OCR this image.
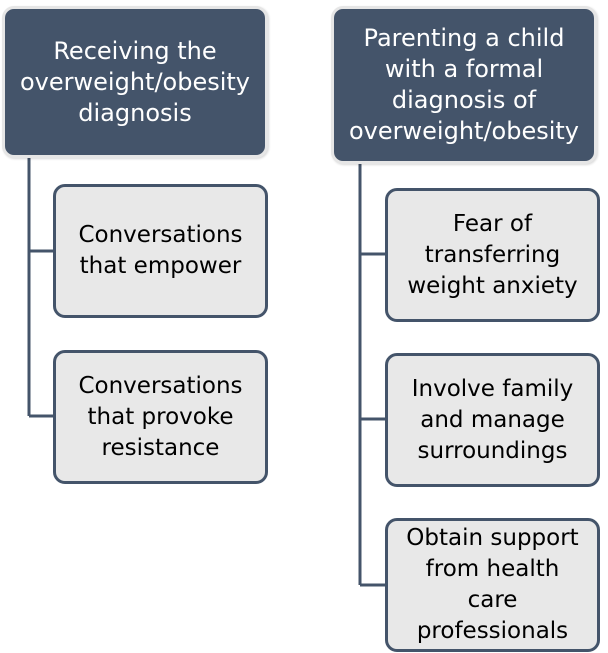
Receiving the
overweight/obesity
diagnosis
Conversations
that empower
Conversations
that provoke
resistance
Parenting a child
with a formal
diagnosis of
overweight/obesity
Fear of
transferring
weight anxiety
Involve family
and manage
surroundings
Obtain support
from health care
professionals
